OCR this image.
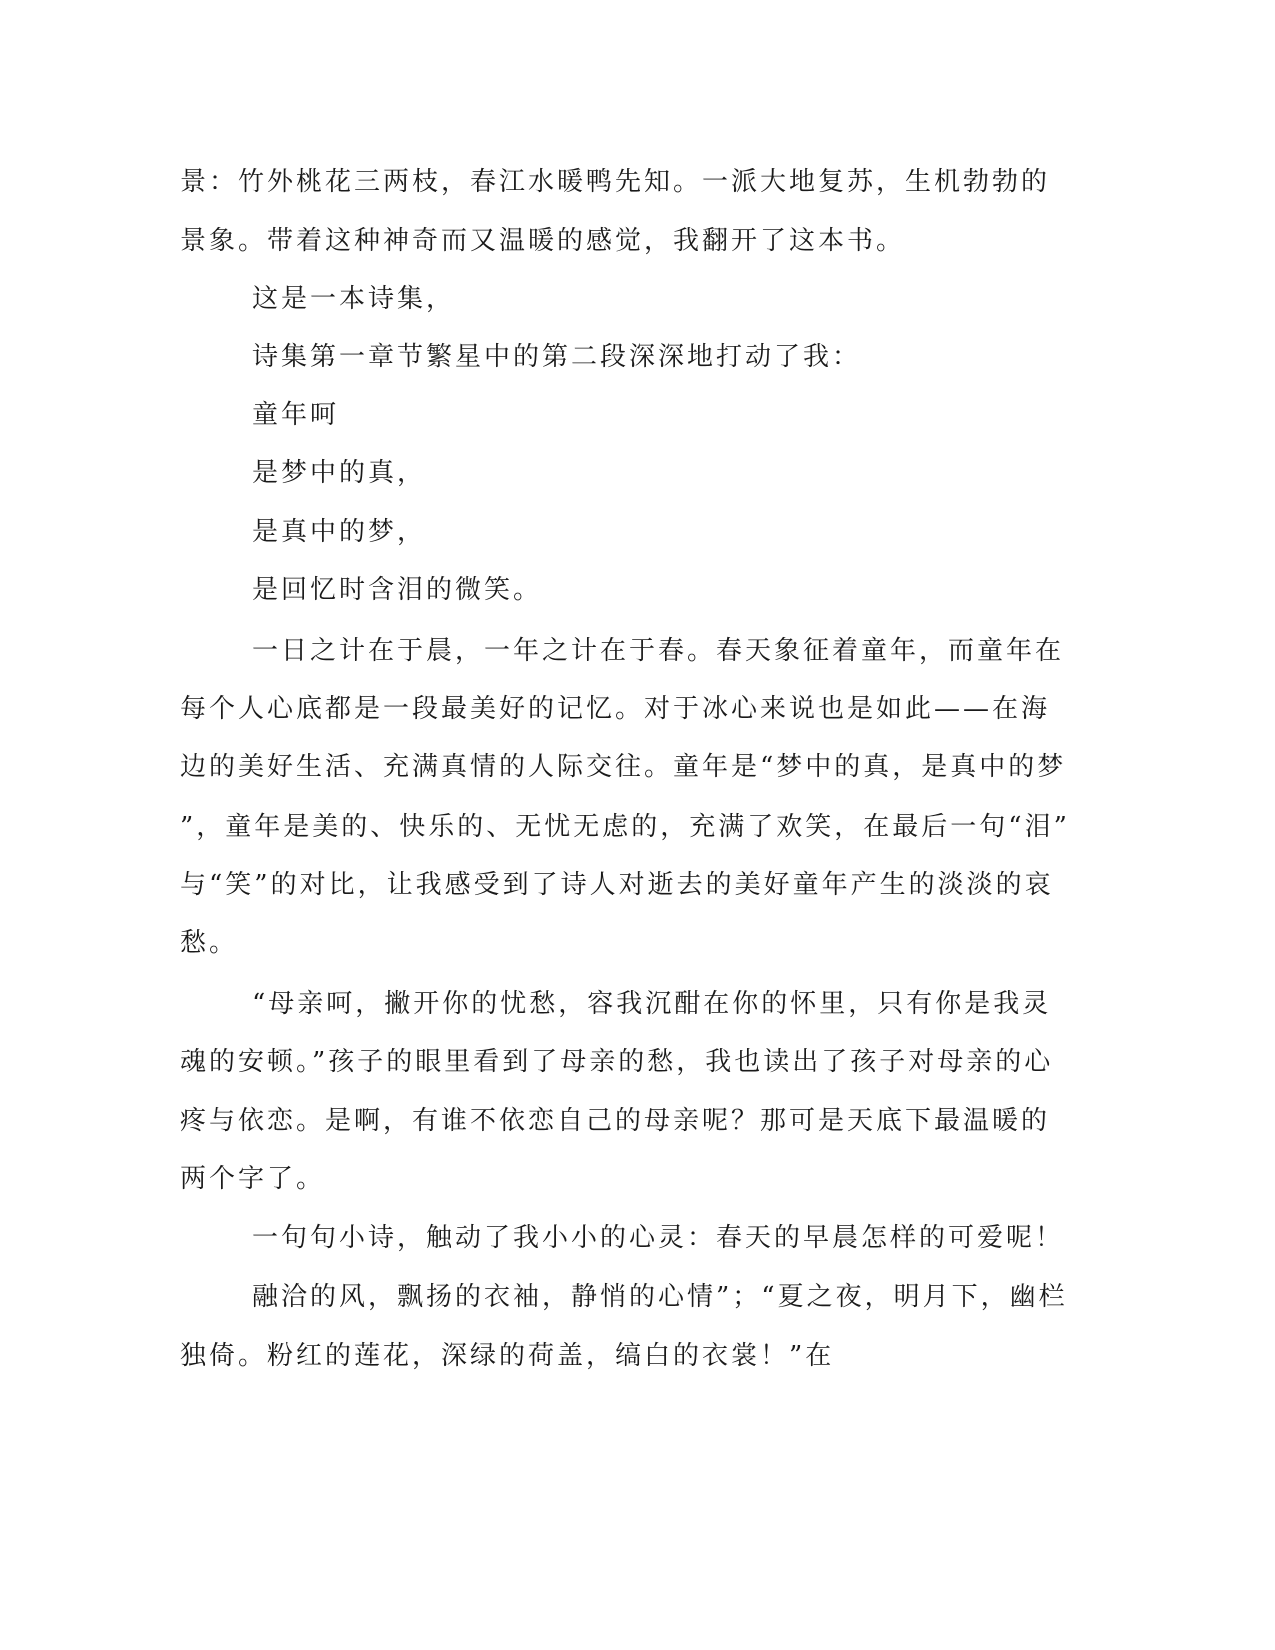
景：竹外桃花三两枝，春江水暖鸭先知。一派大地复苏，生机勃勃的
景象。带着这种神奇而又温暖的感觉，我翻开了这本书。
这是一本诗集，
诗集第一章节繁星中的第二段深深地打动了我：
童年呵
是梦中的真，
是真中的梦，
是回忆时含泪的微笑。
一日之计在于晨，一年之计在于春。春天象征着童年，而童年在
每个人心底都是一段最美好的记忆。对于冰心来说也是如此——在海
边的美好生活、充满真情的人际交往。童年是“梦中的真，是真中的梦
”，童年是美的、快乐的、无忧无虑的，充满了欢笑，在最后一句“泪”
与“笑”的对比，让我感受到了诗人对逝去的美好童年产生的淡淡的哀
愁。
“母亲呵，撇开你的忧愁，容我沉酣在你的怀里，只有你是我灵
魂的安顿。”孩子的眼里看到了母亲的愁，我也读出了孩子对母亲的心
疼与依恋。是啊，有谁不依恋自己的母亲呢？那可是天底下最温暖的
两个字了。
一句句小诗，触动了我小小的心灵：春天的早晨怎样的可爱呢！
融洽的风，飘扬的衣袖，静悄的心情”；“夏之夜，明月下，幽栏
独倚。粉红的莲花，深绿的荷盖，缟白的衣裳！”在
